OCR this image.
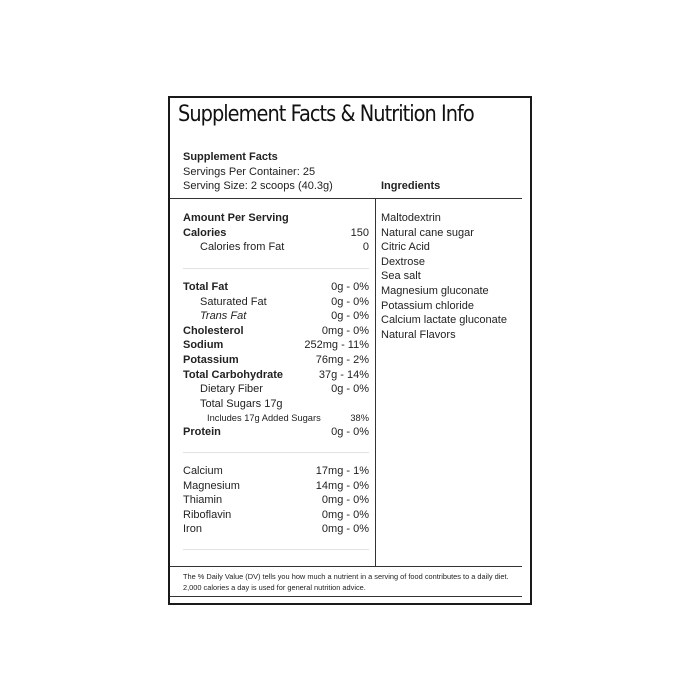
Supplement Facts & Nutrition Info
Supplement Facts
Servings Per Container: 25
Serving Size: 2 scoops (40.3g)	Ingredients
Amount Per Serving
Calories	150
Calories from Fat	0
Total Fat	0g - 0%
Saturated Fat	0g - 0%
Trans Fat	0g - 0%
Cholesterol	0mg - 0%
Sodium	252mg - 11%
Potassium	76mg - 2%
Total Carbohydrate	37g - 14%
Dietary Fiber	0g - 0%
Total Sugars 17g
Includes 17g Added Sugars	38%
Protein	0g - 0%
Calcium	17mg - 1%
Magnesium	14mg - 0%
Thiamin	0mg - 0%
Riboflavin	0mg - 0%
Iron	0mg - 0%
Maltodextrin
Natural cane sugar
Citric Acid
Dextrose
Sea salt
Magnesium gluconate
Potassium chloride
Calcium lactate gluconate
Natural Flavors
The % Daily Value (DV) tells you how much a nutrient in a serving of food contributes to a daily diet.
2,000 calories a day is used for general nutrition advice.
